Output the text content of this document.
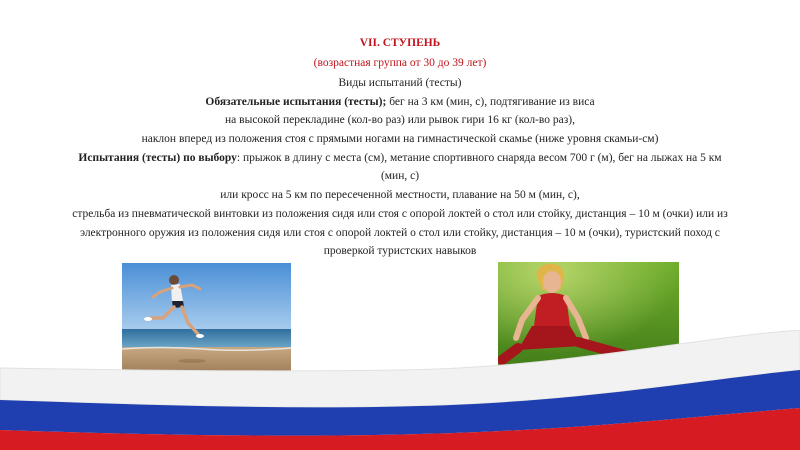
VII. СТУПЕНЬ
(возрастная группа от 30 до 39 лет)
Виды испытаний (тесты)
Обязательные испытания (тесты); бег на 3 км (мин, с), подтягивание из виса
на высокой перекладине (кол-во раз) или рывок гири 16 кг (кол-во раз),
наклон вперед из положения стоя с прямыми ногами на гимнастической скамье (ниже уровня скамьи-см)
Испытания (тесты) по выбору: прыжок в длину с места (см), метание спортивного снаряда весом 700 г (м), бег на лыжах на 5 км
(мин, с)
или кросс на 5 км по пересеченной местности, плавание на 50 м (мин, с),
стрельба из пневматической винтовки из положения сидя или стоя с опорой локтей о стол или стойку, дистанция – 10 м (очки) или из
электронного оружия из положения сидя или стоя с опорой локтей о стол или стойку, дистанция – 10 м (очки), туристский поход с
проверкой туристских навыков
